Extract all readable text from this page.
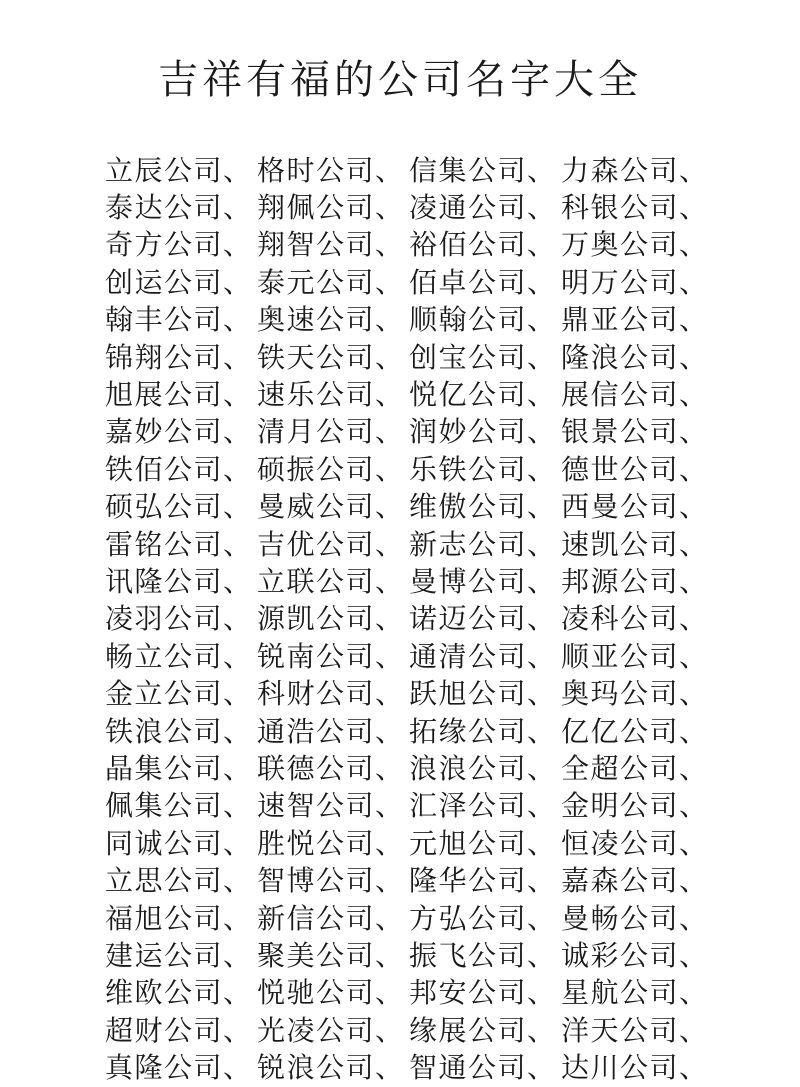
吉祥有福的公司名字大全
立辰公司、 格时公司、 信集公司、 力森公司、
泰达公司、 翔佩公司、 凌通公司、 科银公司、
奇方公司、 翔智公司、 裕佰公司、 万奥公司、
创运公司、 泰元公司、 佰卓公司、 明万公司、
翰丰公司、 奥速公司、 顺翰公司、 鼎亚公司、
锦翔公司、 铁天公司、 创宝公司、 隆浪公司、
旭展公司、 速乐公司、 悦亿公司、 展信公司、
嘉妙公司、 清月公司、 润妙公司、 银景公司、
铁佰公司、 硕振公司、 乐铁公司、 德世公司、
硕弘公司、 曼威公司、 维傲公司、 西曼公司、
雷铭公司、 吉优公司、 新志公司、 速凯公司、
讯隆公司、 立联公司、 曼博公司、 邦源公司、
凌羽公司、 源凯公司、 诺迈公司、 凌科公司、
畅立公司、 锐南公司、 通清公司、 顺亚公司、
金立公司、 科财公司、 跃旭公司、 奥玛公司、
铁浪公司、 通浩公司、 拓缘公司、 亿亿公司、
晶集公司、 联德公司、 浪浪公司、 全超公司、
佩集公司、 速智公司、 汇泽公司、 金明公司、
同诚公司、 胜悦公司、 元旭公司、 恒凌公司、
立思公司、 智博公司、 隆华公司、 嘉森公司、
福旭公司、 新信公司、 方弘公司、 曼畅公司、
建运公司、 聚美公司、 振飞公司、 诚彩公司、
维欧公司、 悦驰公司、 邦安公司、 星航公司、
超财公司、 光凌公司、 缘展公司、 洋天公司、
真隆公司、 锐浪公司、 智通公司、 达川公司、
